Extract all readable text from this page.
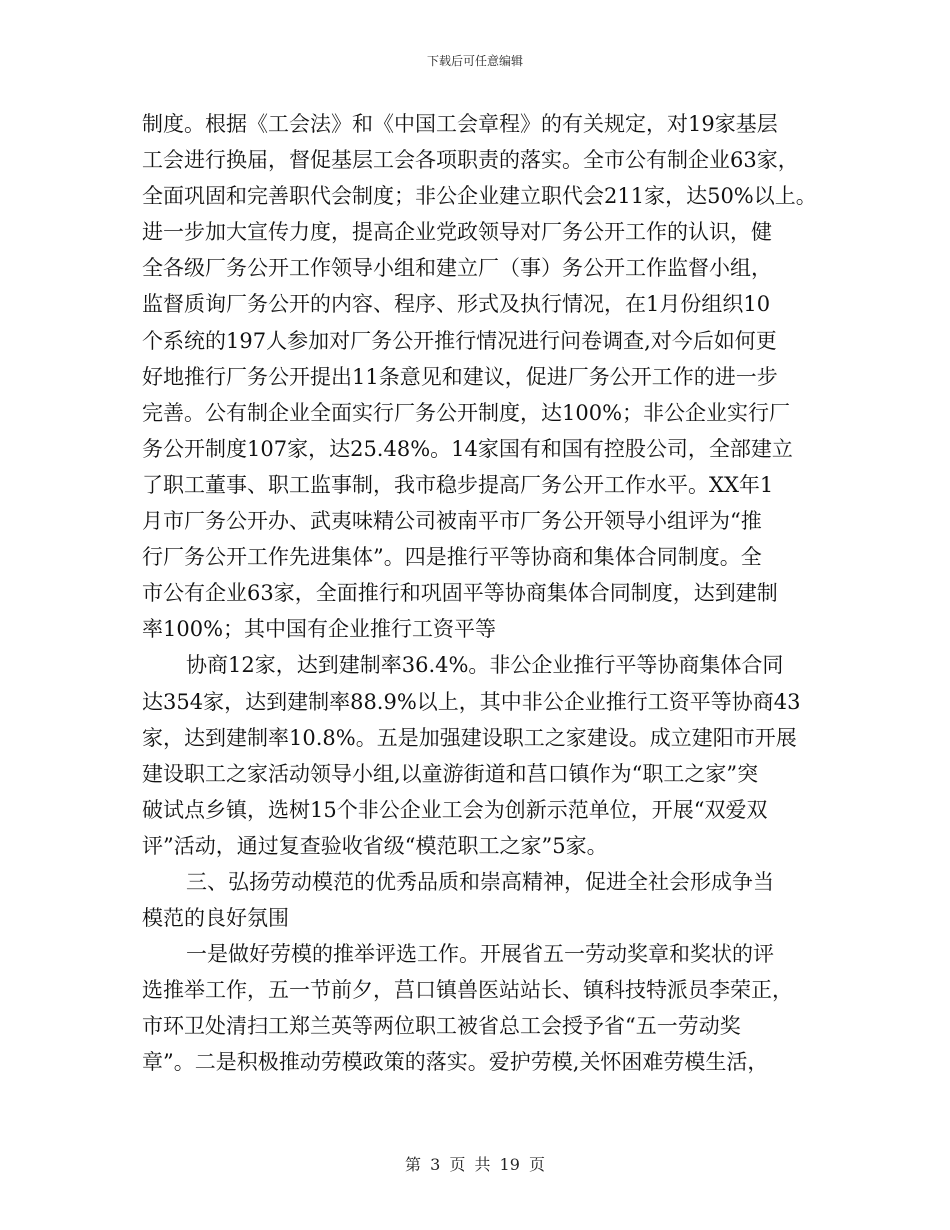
下载后可任意编辑
制度。根据《工会法》和《中国工会章程》的有关规定，对19家基层
工会进行换届，督促基层工会各项职责的落实。全市公有制企业63家，
全面巩固和完善职代会制度；非公企业建立职代会211家，达50%以上。
进一步加大宣传力度，提高企业党政领导对厂务公开工作的认识，健
全各级厂务公开工作领导小组和建立厂（事）务公开工作监督小组，
监督质询厂务公开的内容、程序、形式及执行情况，在1月份组织10
个系统的197人参加对厂务公开推行情况进行问卷调查,对今后如何更
好地推行厂务公开提出11条意见和建议，促进厂务公开工作的进一步
完善。公有制企业全面实行厂务公开制度，达100%；非公企业实行厂
务公开制度107家，达25.48%。14家国有和国有控股公司，全部建立
了职工董事、职工监事制，我市稳步提高厂务公开工作水平。XX年1
月市厂务公开办、武夷味精公司被南平市厂务公开领导小组评为“推
行厂务公开工作先进集体”。四是推行平等协商和集体合同制度。全
市公有企业63家，全面推行和巩固平等协商集体合同制度，达到建制
率100%；其中国有企业推行工资平等
协商12家，达到建制率36.4%。非公企业推行平等协商集体合同
达354家，达到建制率88.9%以上，其中非公企业推行工资平等协商43
家，达到建制率10.8%。五是加强建设职工之家建设。成立建阳市开展
建设职工之家活动领导小组,以童游街道和莒口镇作为“职工之家”突
破试点乡镇，选树15个非公企业工会为创新示范单位，开展“双爱双
评”活动，通过复查验收省级“模范职工之家”5家。
三、弘扬劳动模范的优秀品质和崇高精神，促进全社会形成争当
模范的良好氛围
一是做好劳模的推举评选工作。开展省五一劳动奖章和奖状的评
选推举工作，五一节前夕，莒口镇兽医站站长、镇科技特派员李荣正，
市环卫处清扫工郑兰英等两位职工被省总工会授予省“五一劳动奖
章”。二是积极推动劳模政策的落实。爱护劳模,关怀困难劳模生活，
第 3 页 共 19 页
